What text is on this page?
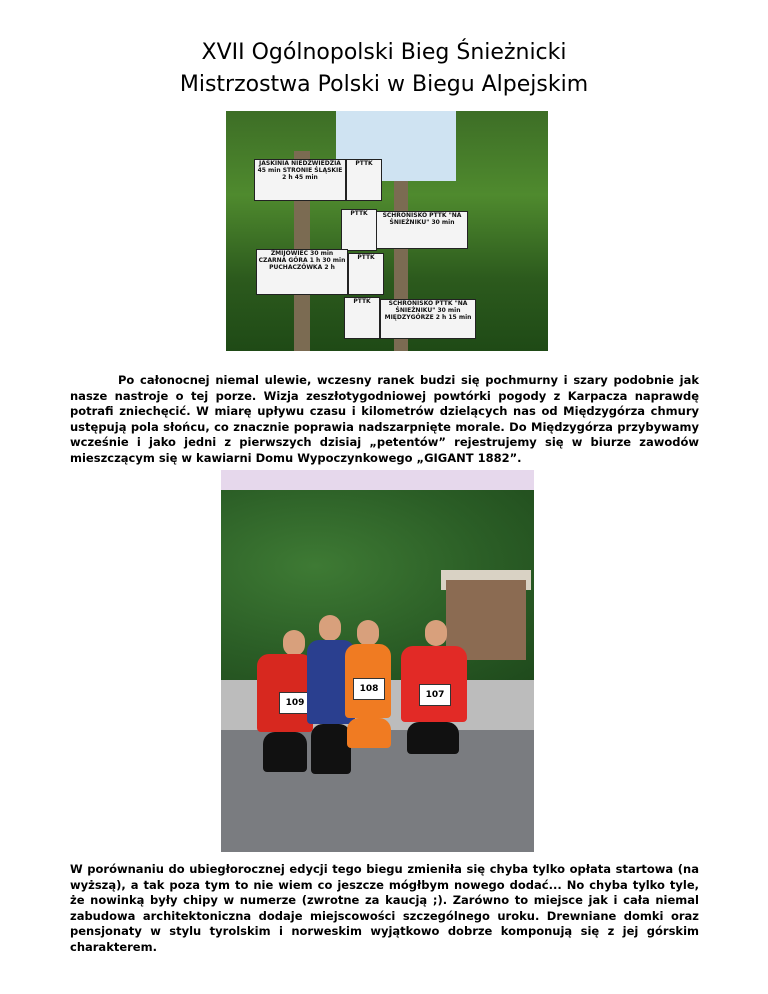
XVII Ogólnopolski Bieg Śnieżnicki
Mistrzostwa Polski w Biegu Alpejskim
JASKINIA NIEDŹWIEDZIA 45 min STRONIE ŚLĄSKIE 2 h 45 min
PTTK
PTTK	SCHRONISKO PTTK "NA ŚNIEŻNIKU" 30 min
ŻMIJOWIEC 30 min CZARNA GÓRA 1 h 30 min PUCHACZÓWKA 2 h
PTTK
PTTK	SCHRONISKO PTTK "NA ŚNIEŻNIKU" 30 min MIĘDZYGÓRZE 2 h 15 min
Po całonocnej niemal ulewie, wczesny ranek budzi się pochmurny i szary podobnie jak nasze nastroje o tej porze. Wizja zeszłotygodniowej powtórki pogody z Karpacza naprawdę potrafi zniechęcić. W miarę upływu czasu i kilometrów dzielących nas od Międzygórza chmury ustępują pola słońcu, co znacznie poprawia nadszarpnięte morale. Do Międzygórza przybywamy wcześnie i jako jedni z pierwszych dzisiaj „petentów” rejestrujemy się w biurze zawodów mieszczącym się w kawiarni Domu Wypoczynkowego „GIGANT 1882”.
109
108
107
W porównaniu do ubiegłorocznej edycji tego biegu zmieniła się chyba tylko opłata startowa (na wyższą), a tak poza tym to nie wiem co jeszcze mógłbym nowego dodać... No chyba tylko tyle, że nowinką były chipy w numerze (zwrotne za kaucją ;). Zarówno to miejsce jak i cała niemal zabudowa architektoniczna dodaje miejscowości szczególnego uroku. Drewniane domki oraz pensjonaty w stylu tyrolskim i norweskim wyjątkowo dobrze komponują się z jej górskim charakterem.
